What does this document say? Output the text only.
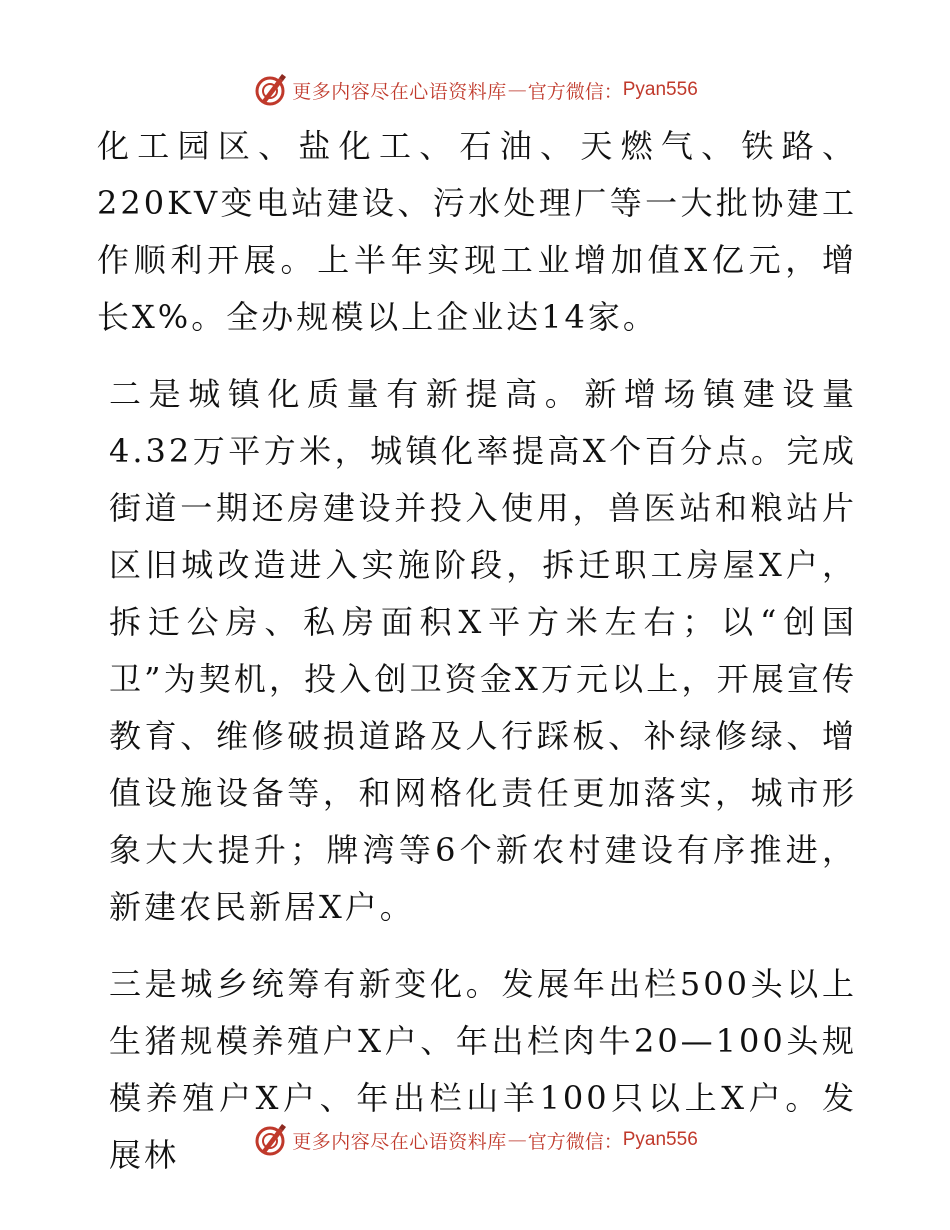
更多内容尽在心语资料库 — 官方微信： Pyan556

化工园区、盐化工、石油、天燃气、铁路、220KV变电站建设、污水处理厂等一大批协建工作顺利开展。上半年实现工业增加值X亿元，增长X%。全办规模以上企业达14家。

二是城镇化质量有新提高。新增场镇建设量4.32万平方米，城镇化率提高X个百分点。完成街道一期还房建设并投入使用，兽医站和粮站片区旧城改造进入实施阶段，拆迁职工房屋X户，拆迁公房、私房面积X平方米左右；以“创国卫”为契机，投入创卫资金X万元以上，开展宣传教育、维修破损道路及人行踩板、补绿修绿、增值设施设备等，和网格化责任更加落实，城市形象大大提升；牌湾等6个新农村建设有序推进，新建农民新居X户。

三是城乡统筹有新变化。发展年出栏500头以上生猪规模养殖户X户、年出栏肉牛20—100头规模养殖户X户、年出栏山羊100只以上X户。发展林	更多内容尽在心语资料库 — 官方微信： Pyan556
